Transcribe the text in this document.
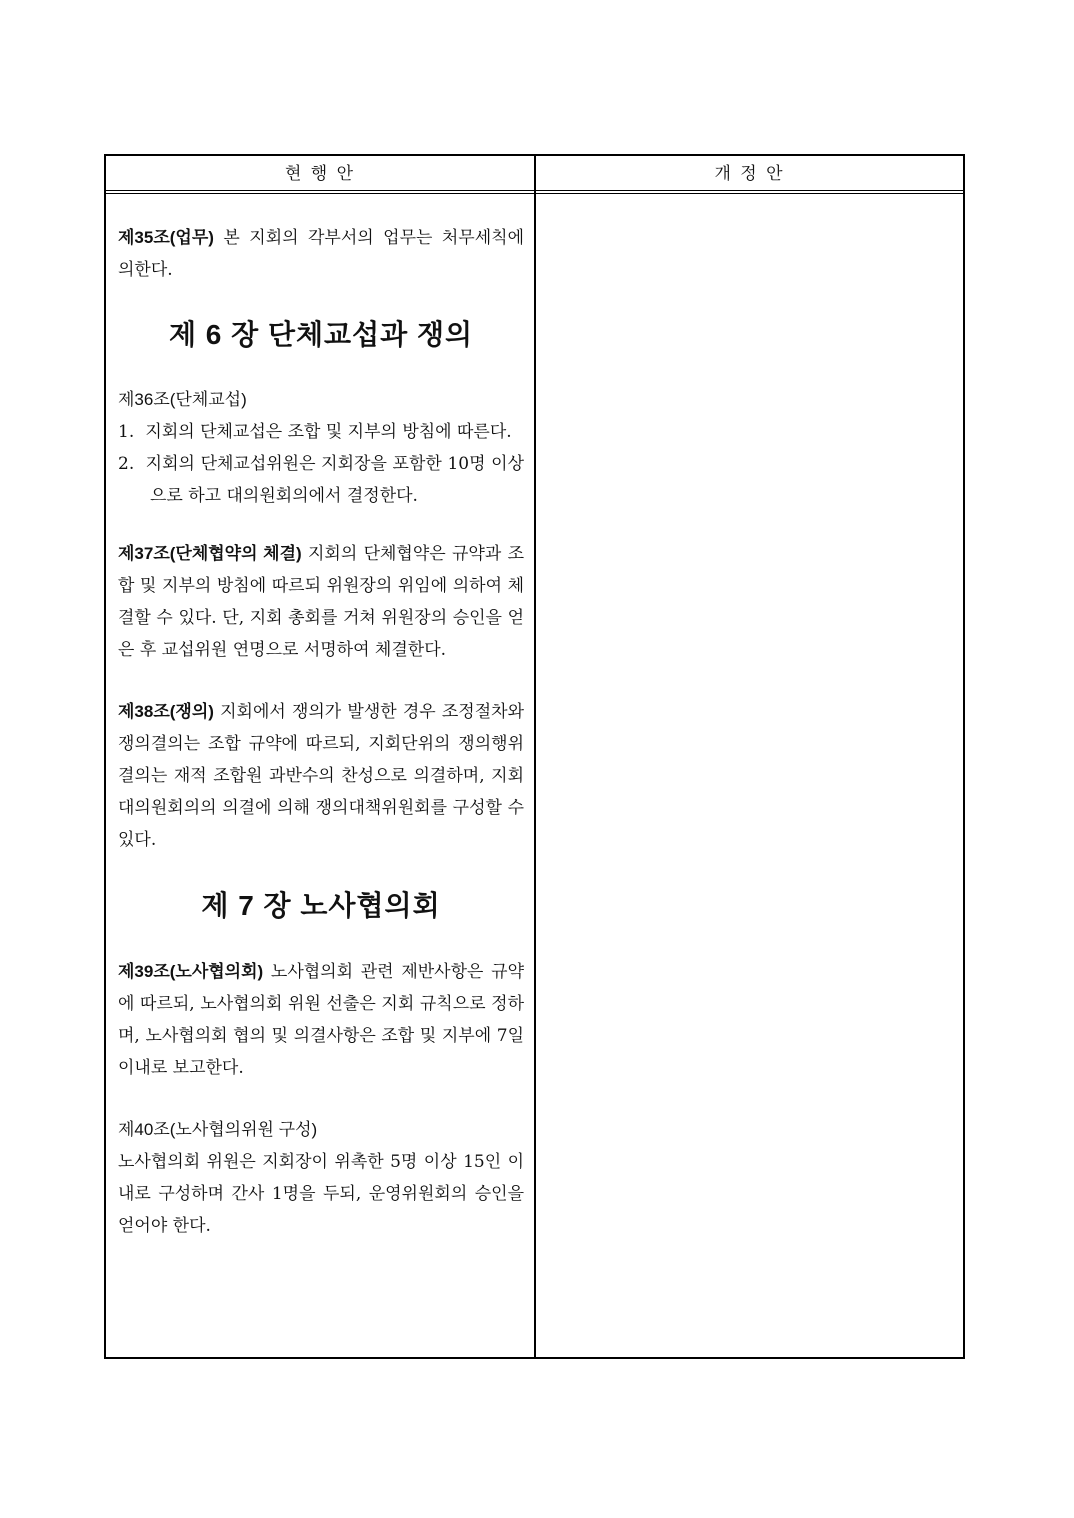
현 행 안	개 정 안

제35조(업무) 본 지회의 각부서의 업무는 처무세칙에 의한다.

제 6 장 단체교섭과 쟁의

제36조(단체교섭)

1. 지회의 단체교섭은 조합 및 지부의 방침에 따른다.

2. 지회의 단체교섭위원은 지회장을 포함한 10명 이상으로 하고 대의원회의에서 결정한다.

제37조(단체협약의 체결) 지회의 단체협약은 규약과 조합 및 지부의 방침에 따르되 위원장의 위임에 의하여 체결할 수 있다. 단, 지회 총회를 거쳐 위원장의 승인을 얻은 후 교섭위원 연명으로 서명하여 체결한다.

제38조(쟁의) 지회에서 쟁의가 발생한 경우 조정절차와 쟁의결의는 조합 규약에 따르되, 지회단위의 쟁의행위 결의는 재적 조합원 과반수의 찬성으로 의결하며, 지회 대의원회의의 의결에 의해 쟁의대책위원회를 구성할 수 있다.

제 7 장 노사협의회

제39조(노사협의회) 노사협의회 관련 제반사항은 규약에 따르되, 노사협의회 위원 선출은 지회 규칙으로 정하며, 노사협의회 협의 및 의결사항은 조합 및 지부에 7일 이내로 보고한다.

제40조(노사협의위원 구성)

노사협의회 위원은 지회장이 위촉한 5명 이상 15인 이내로 구성하며 간사 1명을 두되, 운영위원회의 승인을 얻어야 한다.
